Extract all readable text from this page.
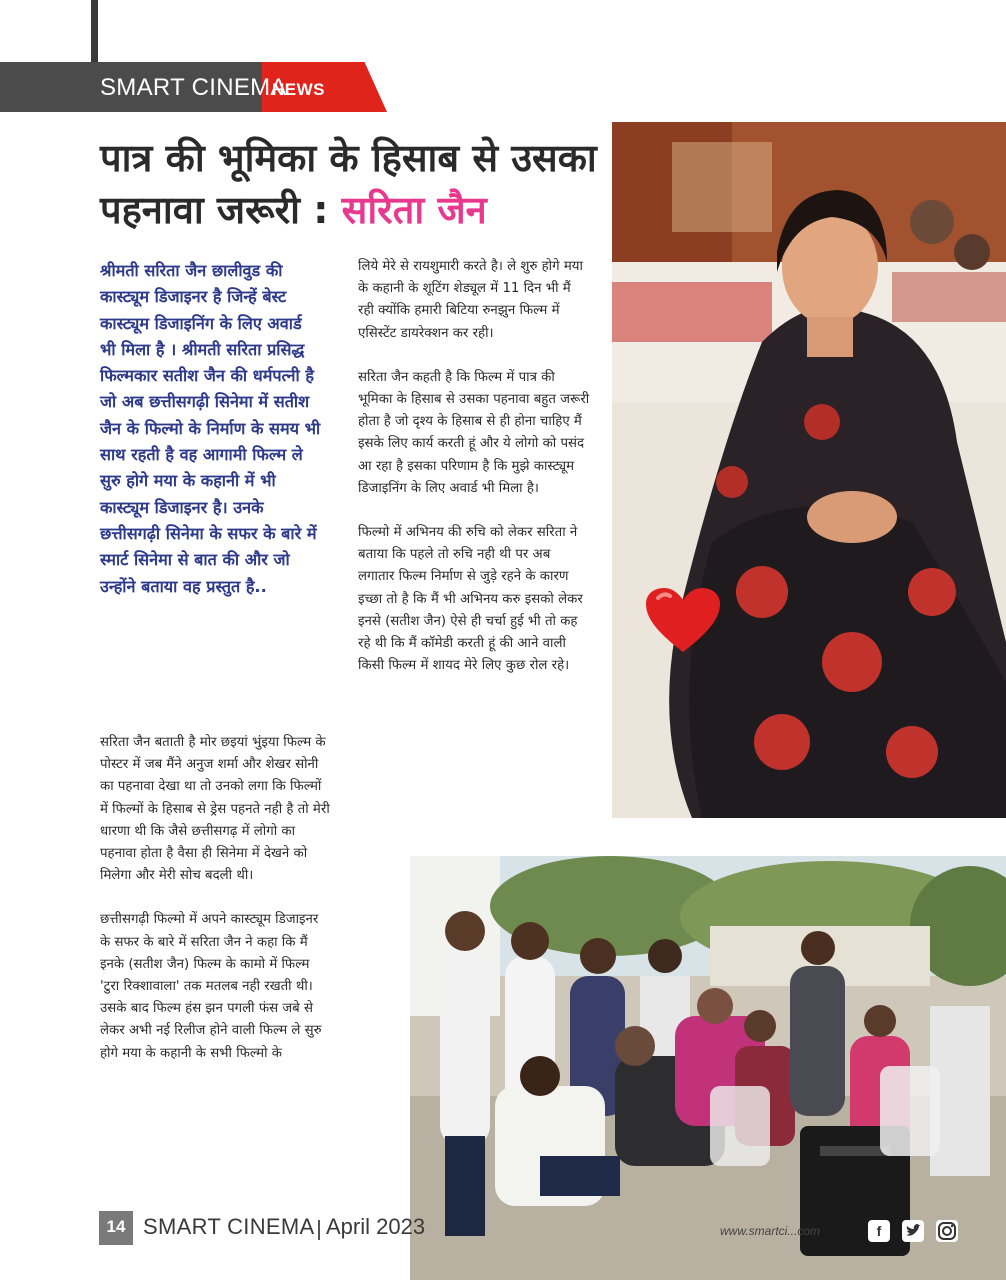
SMART CINEMA
NEWS
पात्र की भूमिका के हिसाब से उसका
पहनावा जरूरी : सरिता जैन
श्रीमती सरिता जैन छालीवुड की कास्ट्यूम डिजाइनर है जिन्हें बेस्ट कास्ट्यूम डिजाइनिंग के लिए अवार्ड भी मिला है । श्रीमती सरिता प्रसिद्ध फिल्मकार सतीश जैन की धर्मपत्नी है जो अब छत्तीसगढ़ी सिनेमा में सतीश जैन के फिल्मो के निर्माण के समय भी साथ रहती है वह आगामी फिल्म ले सुरु होगे मया के कहानी में भी कास्ट्यूम डिजाइनर है। उनके छत्तीसगढ़ी सिनेमा के सफर के बारे में स्मार्ट सिनेमा से बात की और जो उन्होंने बताया वह प्रस्तुत है..

सरिता जैन बताती है मोर छइयां भुंइया फिल्म के पोस्टर में जब मैंने अनुज शर्मा और शेखर सोनी का पहनावा देखा था तो उनको लगा कि फिल्मों में फिल्मों के हिसाब से ड्रेस पहनते नही है तो मेरी धारणा थी कि जैसे छत्तीसगढ़ में लोगो का पहनावा होता है वैसा ही सिनेमा में देखने को मिलेगा और मेरी सोच बदली थी।

छत्तीसगढ़ी फिल्मो में अपने कास्ट्यूम डिजाइनर के सफर के बारे में सरिता जैन ने कहा कि मैं इनके (सतीश जैन) फिल्म के कामो में फिल्म 'टुरा रिक्शावाला' तक मतलब नही रखती थी। उसके बाद फिल्म हंस झन पगली फंस जबे से लेकर अभी नई रिलीज होने वाली फिल्म ले सुरु होगे मया के कहानी के सभी फिल्मो के

लिये मेरे से रायशुमारी करते है। ले शुरु होगे मया के कहानी के शूटिंग शेड्यूल में 11 दिन भी मैं रही क्योंकि हमारी बिटिया रुनझुन फिल्म में एसिस्टेंट डायरेक्शन कर रही।

सरिता जैन कहती है कि फिल्म में पात्र की भूमिका के हिसाब से उसका पहनावा बहुत जरूरी होता है जो दृश्य के हिसाब से ही होना चाहिए मैं इसके लिए कार्य करती हूं और ये लोगो को पसंद आ रहा है इसका परिणाम है कि मुझे कास्ट्यूम डिजाइनिंग के लिए अवार्ड भी मिला है।

फिल्मो में अभिनय की रुचि को लेकर सरिता ने बताया कि पहले तो रुचि नही थी पर अब लगातार फिल्म निर्माण से जुड़े रहने के कारण इच्छा तो है कि मैं भी अभिनय करु इसको लेकर इनसे (सतीश जैन) ऐसे ही चर्चा हुई भी तो कह रहे थी कि मैं कॉमेडी करती हूं की आने वाली किसी फिल्म में शायद मेरे लिए कुछ रोल रहे।

14 SMART CINEMA April 2023	www.smartci...com	f
